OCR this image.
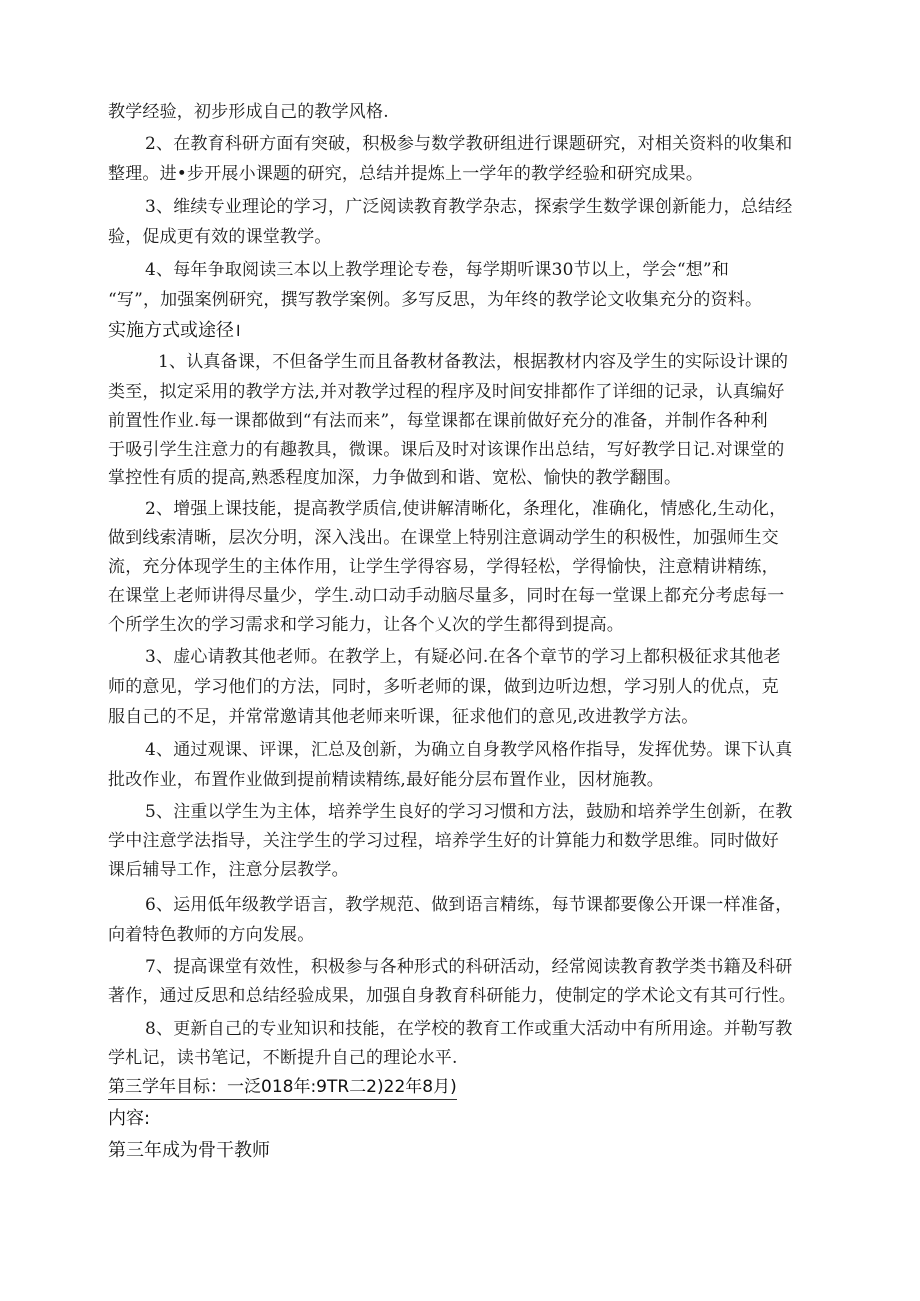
教学经验，初步形成自己的教学风格.
2、在教育科研方面有突破，积极参与数学教研组进行课题研究，对相关资料的收集和
整理。进•步开展小课题的研究，总结并提炼上一学年的教学经验和研究成果。
3、维续专业理论的学习，广泛阅读教育教学杂志，探索学生数学课创新能力，总结经
验，促成更有效的课堂教学。
4、每年争取阅读三本以上教学理论专卷，每学期听课30节以上，学会“想”和
“写”，加强案例研究，撰写教学案例。多写反思，为年终的教学论文收集充分的资料。
实施方式或途径।
1、认真备课，不但备学生而且备教材备教法，根据教材内容及学生的实际设计课的
类至，拟定采用的教学方法,并对教学过程的程序及时间安排都作了详细的记录，认真编好
前置性作业.每一课都做到“有法而来”，每堂课都在课前做好充分的准备，并制作各种利
于吸引学生注意力的有趣教具，微课。课后及时对该课作出总结，写好教学日记.对课堂的
掌控性有质的提高,熟悉程度加深，力争做到和谐、宽松、愉快的教学翻围。
2、增强上课技能，提高教学质信,使讲解清晰化，条理化，准确化，情感化,生动化，
做到线索清晰，层次分明，深入浅出。在课堂上特别注意调动学生的积极性，加强师生交
流，充分体现学生的主体作用，让学生学得容易，学得轻松，学得愉快，注意精讲精练，
在课堂上老师讲得尽量少，学生.动口动手动脑尽量多，同时在每一堂课上都充分考虑每一
个所学生次的学习需求和学习能力，让各个乂次的学生都得到提高。
3、虚心请教其他老师。在教学上，有疑必问.在各个章节的学习上都积极征求其他老
师的意见，学习他们的方法，同时，多听老师的课，做到边听边想，学习别人的优点，克
服自己的不足，并常常邀请其他老师来听课，征求他们的意见,改进教学方法。
4、通过观课、评课，汇总及创新，为确立自身教学风格作指导，发挥优势。课下认真
批改作业，布置作业做到提前精读精练,最好能分层布置作业，因材施教。
5、注重以学生为主体，培养学生良好的学习习惯和方法，鼓励和培养学生创新，在教
学中注意学法指导，关注学生的学习过程，培养学生好的计算能力和数学思维。同时做好
课后辅导工作，注意分层教学。
6、运用低年级教学语言，教学规范、做到语言精练，每节课都要像公开课一样准备，
向着特色教师的方向发展。
7、提高课堂有效性，积极参与各种形式的科研活动，经常阅读教育教学类书籍及科研
著作，通过反思和总结经验成果，加强自身教育科研能力，使制定的学术论文有其可行性。
8、更新自己的专业知识和技能，在学校的教育工作或重大活动中有所用途。并勒写教
学札记，读书笔记，不断提升自己的理论水平.
第三学年目标：一泛018年:9TR二2)22年8月)
内容:
第三年成为骨干教师
